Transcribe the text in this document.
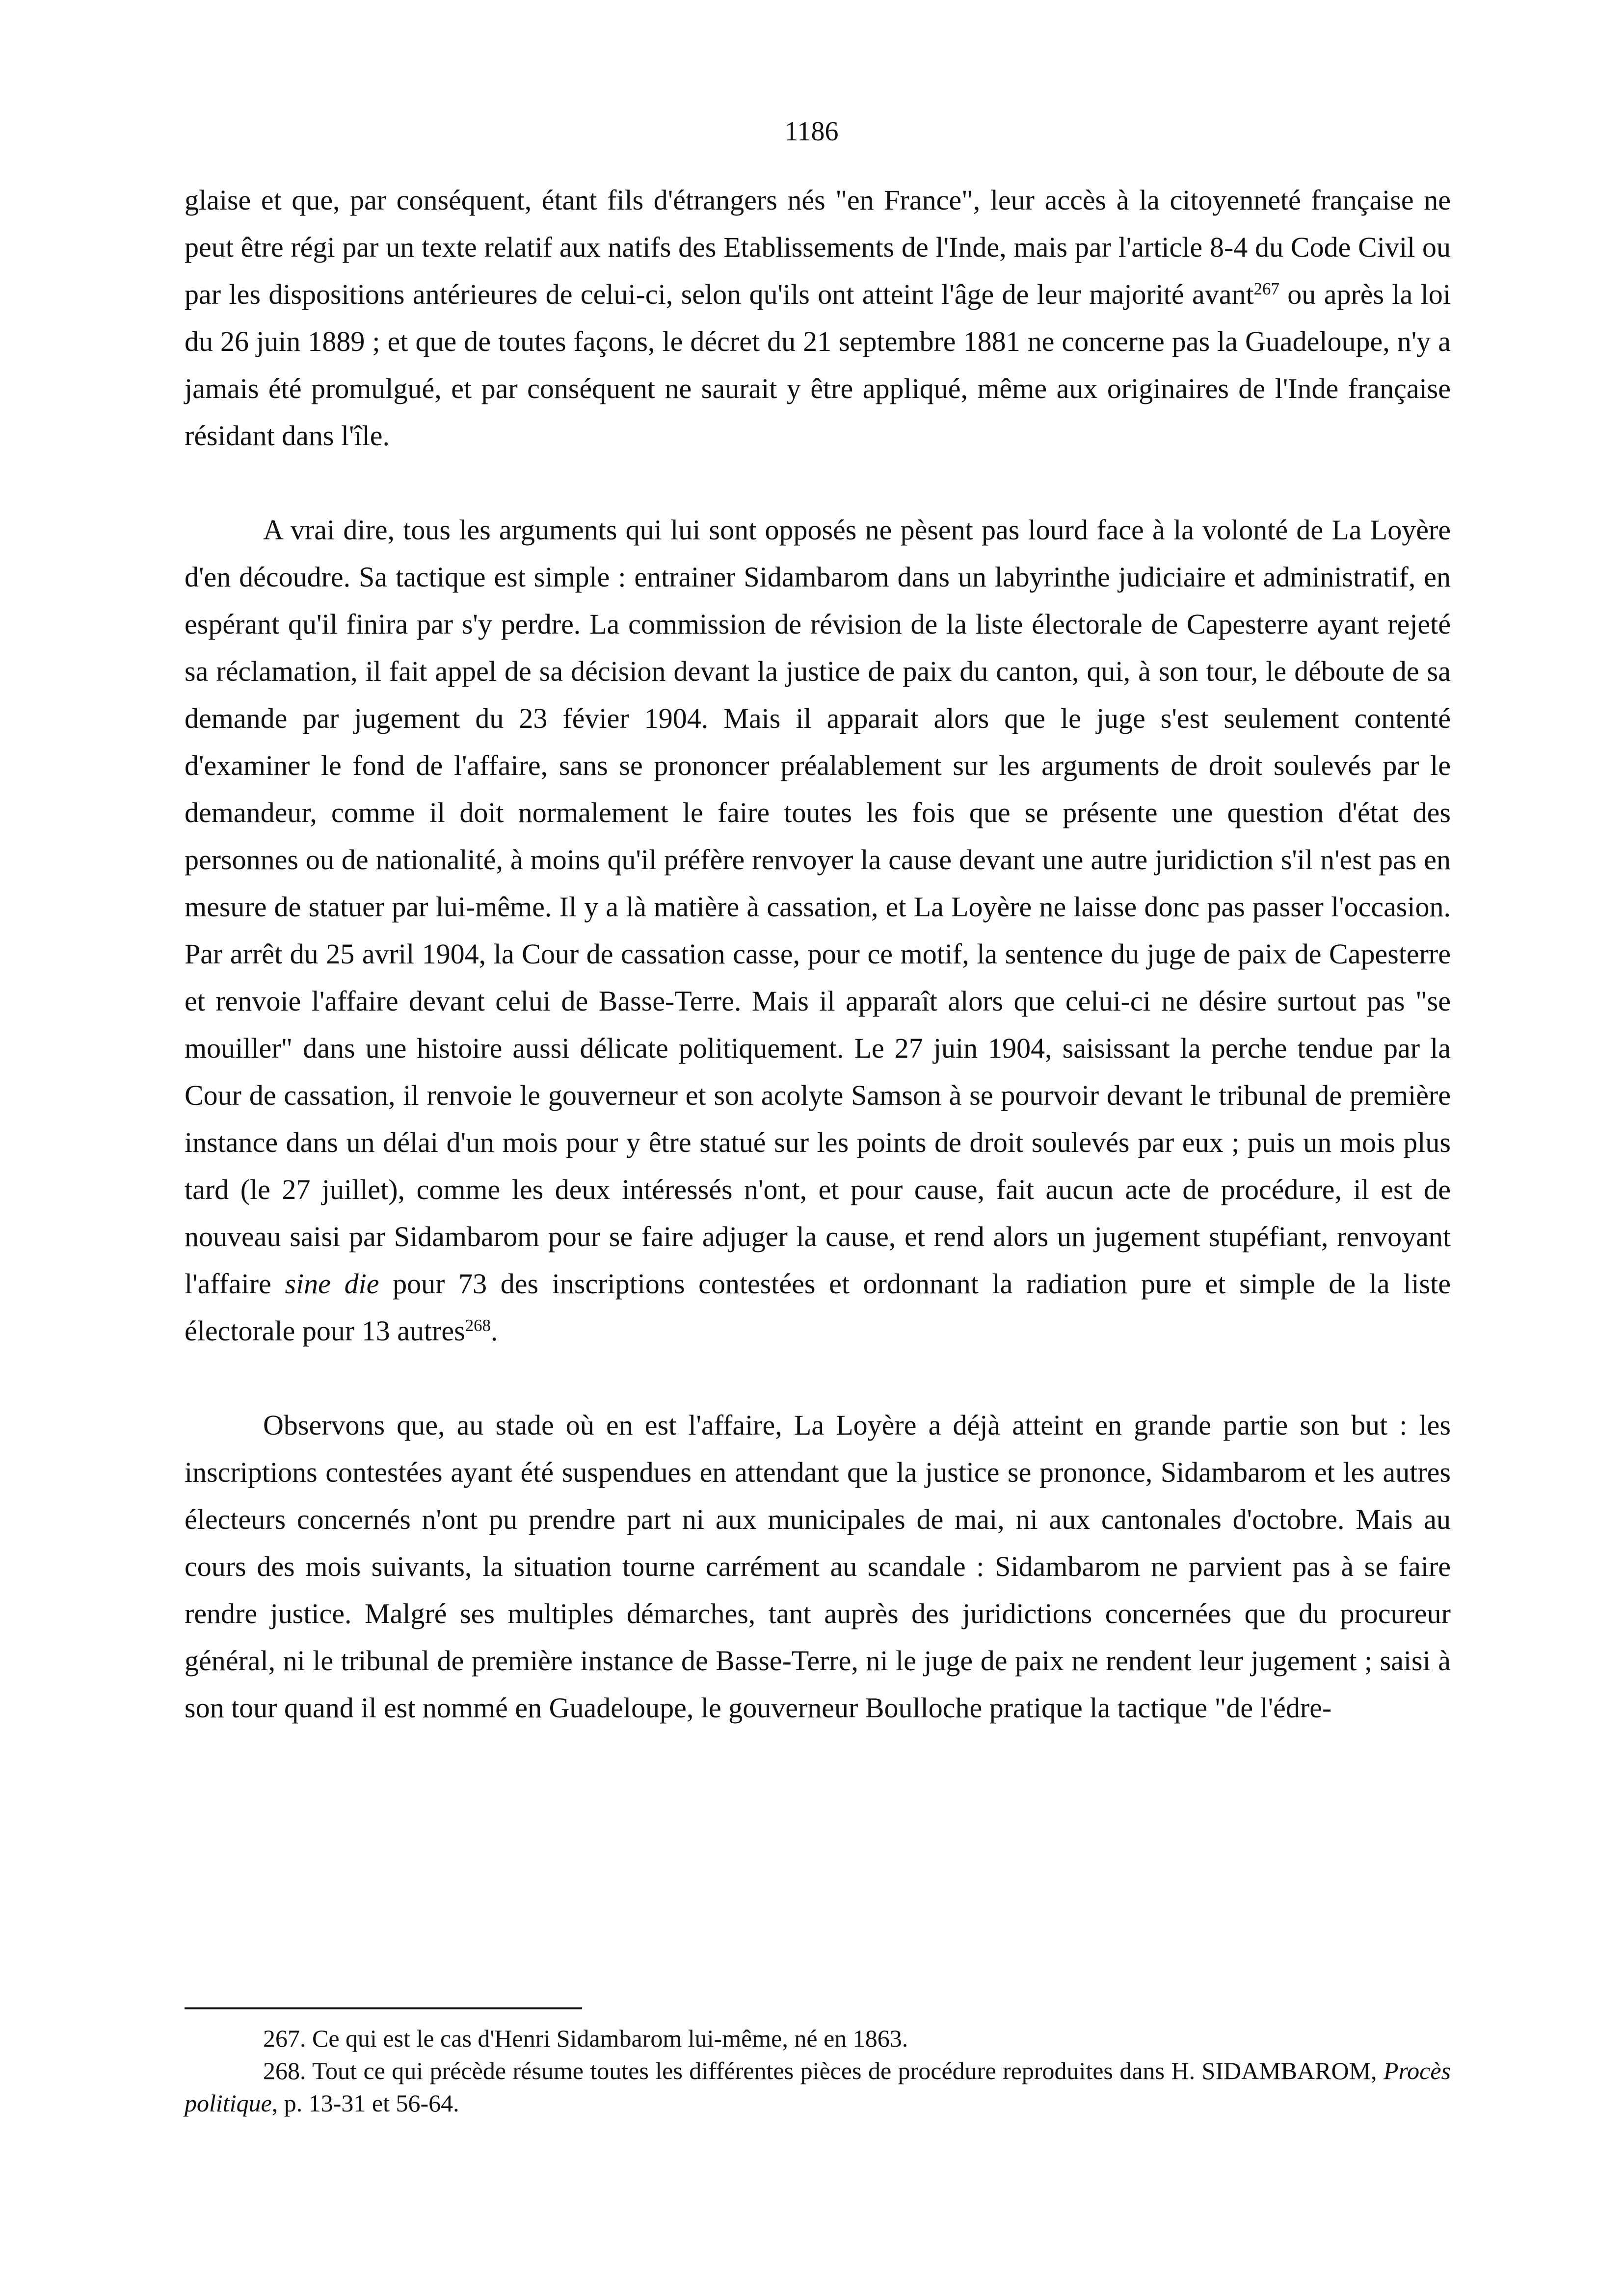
1186

glaise et que, par conséquent, étant fils d'étrangers nés "en France", leur accès à la citoyenneté française ne peut être régi par un texte relatif aux natifs des Etablissements de l'Inde, mais par l'article 8-4 du Code Civil ou par les dispositions antérieures de celui-ci, selon qu'ils ont atteint l'âge de leur majorité avant$^{267}$ ou après la loi du 26 juin 1889 ; et que de toutes façons, le décret du 21 septembre 1881 ne concerne pas la Guadeloupe, n'y a jamais été promulgué, et par conséquent ne saurait y être appliqué, même aux originaires de l'Inde française résidant dans l'île.

A vrai dire, tous les arguments qui lui sont opposés ne pèsent pas lourd face à la volonté de La Loyère d'en découdre. Sa tactique est simple : entrainer Sidambarom dans un labyrinthe judiciaire et administratif, en espérant qu'il finira par s'y perdre. La commission de révision de la liste électorale de Capesterre ayant rejeté sa réclamation, il fait appel de sa décision devant la justice de paix du canton, qui, à son tour, le déboute de sa demande par jugement du 23 févier 1904. Mais il apparait alors que le juge s'est seulement contenté d'examiner le fond de l'affaire, sans se prononcer préalablement sur les arguments de droit soulevés par le demandeur, comme il doit normalement le faire toutes les fois que se présente une question d'état des personnes ou de nationalité, à moins qu'il préfère renvoyer la cause devant une autre juridiction s'il n'est pas en mesure de statuer par lui-même. Il y a là matière à cassation, et La Loyère ne laisse donc pas passer l'occasion. Par arrêt du 25 avril 1904, la Cour de cassation casse, pour ce motif, la sentence du juge de paix de Capesterre et renvoie l'affaire devant celui de Basse-Terre. Mais il apparaît alors que celui-ci ne désire surtout pas "se mouiller" dans une histoire aussi délicate politiquement. Le 27 juin 1904, saisissant la perche tendue par la Cour de cassation, il renvoie le gouverneur et son acolyte Samson à se pourvoir devant le tribunal de première instance dans un délai d'un mois pour y être statué sur les points de droit soulevés par eux ; puis un mois plus tard (le 27 juillet), comme les deux intéressés n'ont, et pour cause, fait aucun acte de procédure, il est de nouveau saisi par Sidambarom pour se faire adjuger la cause, et rend alors un jugement stupéfiant, renvoyant l'affaire sine die pour 73 des inscriptions contestées et ordonnant la radiation pure et simple de la liste électorale pour 13 autres$^{268}$.

Observons que, au stade où en est l'affaire, La Loyère a déjà atteint en grande partie son but : les inscriptions contestées ayant été suspendues en attendant que la justice se prononce, Sidambarom et les autres électeurs concernés n'ont pu prendre part ni aux municipales de mai, ni aux cantonales d'octobre. Mais au cours des mois suivants, la situation tourne carrément au scandale : Sidambarom ne parvient pas à se faire rendre justice. Malgré ses multiples démarches, tant auprès des juridictions concernées que du procureur général, ni le tribunal de première instance de Basse-Terre, ni le juge de paix ne rendent leur jugement ; saisi à son tour quand il est nommé en Guadeloupe, le gouverneur Boulloche pratique la tactique "de l'édre-

267. Ce qui est le cas d'Henri Sidambarom lui-même, né en 1863.

268. Tout ce qui précède résume toutes les différentes pièces de procédure reproduites dans H. SIDAMBAROM, Procès politique, p. 13-31 et 56-64.
